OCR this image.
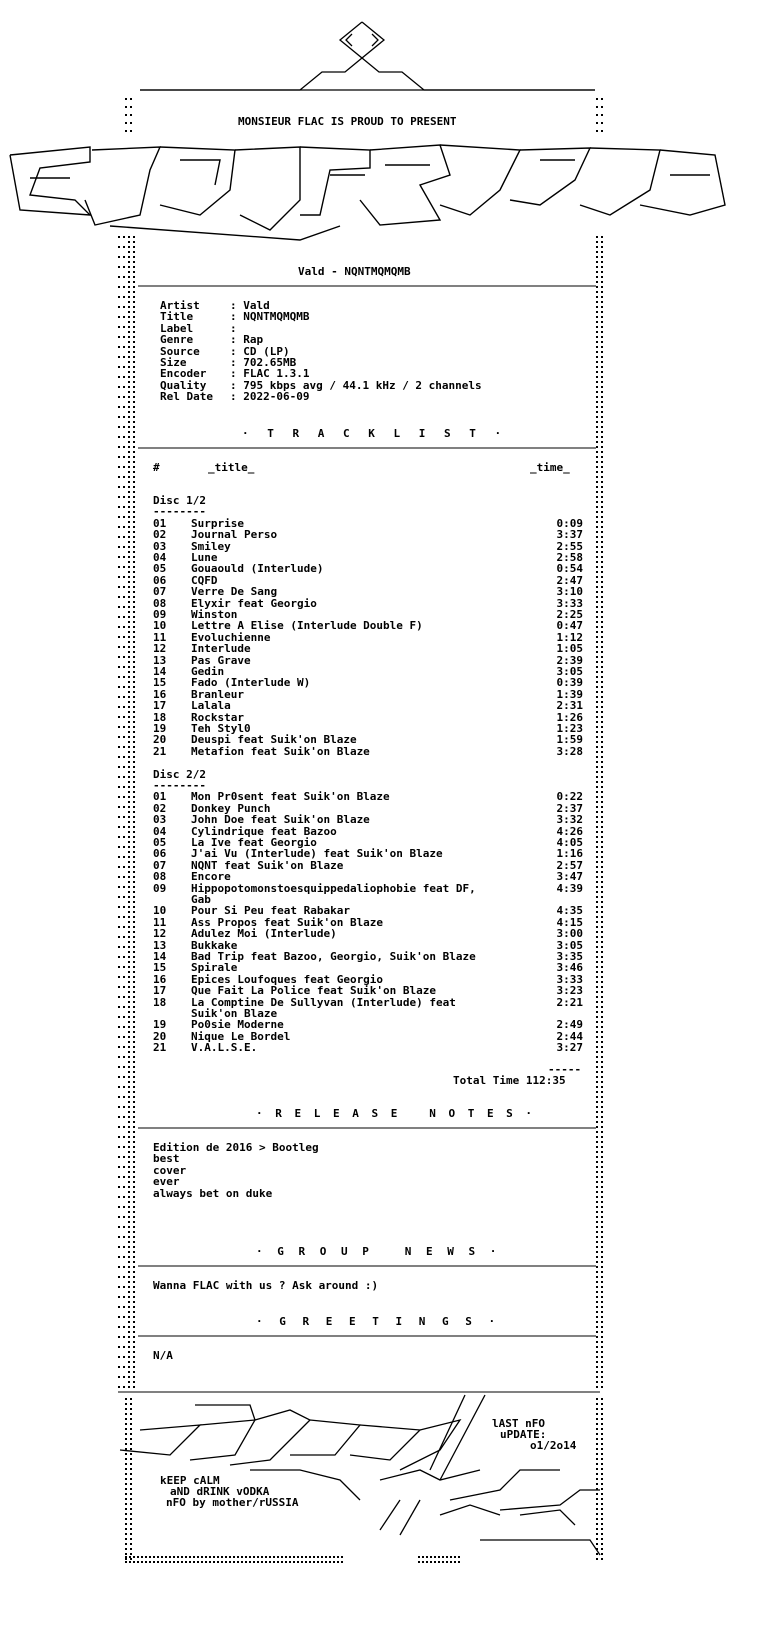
MONSIEUR FLAC IS PROUD TO PRESENT
Vald - NQNTMQMQMB
Artist	: Vald
Title	: NQNTMQMQMB
Label	:
Genre	: Rap
Source	: CD (LP)
Size	: 702.65MB
Encoder : FLAC 1.3.1
Quality : 795 kbps avg / 44.1 kHz / 2 channels
Rel Date : 2022-06-09
· T R A C K L I S T ·
#	_title_	_time_
Disc 1/2
--------
01 Surprise	0:09
02 Journal Perso	3:37
03 Smiley	2:55
04 Lune	2:58
05 Gouaould (Interlude)	0:54
06 CQFD	2:47
07 Verre De Sang	3:10
08 Elyxir feat Georgio	3:33
09 Winston	2:25
10 Lettre A Elise (Interlude Double F)	0:47
11 Evoluchienne	1:12
12 Interlude	1:05
13 Pas Grave	2:39
14 Gedin	3:05
15 Fado (Interlude W)	0:39
16 Branleur	1:39
17 Lalala	2:31
18 Rockstar	1:26
19 Teh Styl0	1:23
20 Deuspi feat Suik'on Blaze	1:59
21 Metafion feat Suik'on Blaze	3:28
Disc 2/2
--------
01 Mon Pr0sent feat Suik'on Blaze	0:22
02 Donkey Punch	2:37
03 John Doe feat Suik'on Blaze	3:32
04 Cylindrique feat Bazoo	4:26
05 La Ive feat Georgio	4:05
06 J'ai Vu (Interlude) feat Suik'on Blaze	1:16
07 NQNT feat Suik'on Blaze	2:57
08 Encore	3:47
09 Hippopotomonstoesquippedaliophobie feat DF,	4:39
Gab
10 Pour Si Peu feat Rabakar	4:35
11 Ass Propos feat Suik'on Blaze	4:15
12 Adulez Moi (Interlude)	3:00
13 Bukkake	3:05
14 Bad Trip feat Bazoo, Georgio, Suik'on Blaze	3:35
15 Spirale	3:46
16 Epices Loufoques feat Georgio	3:33
17 Que Fait La Police feat Suik'on Blaze	3:23
18 La Comptine De Sullyvan (Interlude) feat	2:21
Suik'on Blaze
19 Po0sie Moderne	2:49
20 Nique Le Bordel	2:44
21 V.A.L.S.E.	3:27
-----
Total Time 112:35
· R E L E A S E   N O T E S ·
Edition de 2016 > Bootleg
best
cover
ever
always bet on duke
· G R O U P   N E W S ·
Wanna FLAC with us ? Ask around :)
· G R E E T I N G S ·
N/A
lAST nFO
uPDATE:
o1/2o14
kEEP cALM
aND dRINK vODKA
nFO by mother/rUSSIA
